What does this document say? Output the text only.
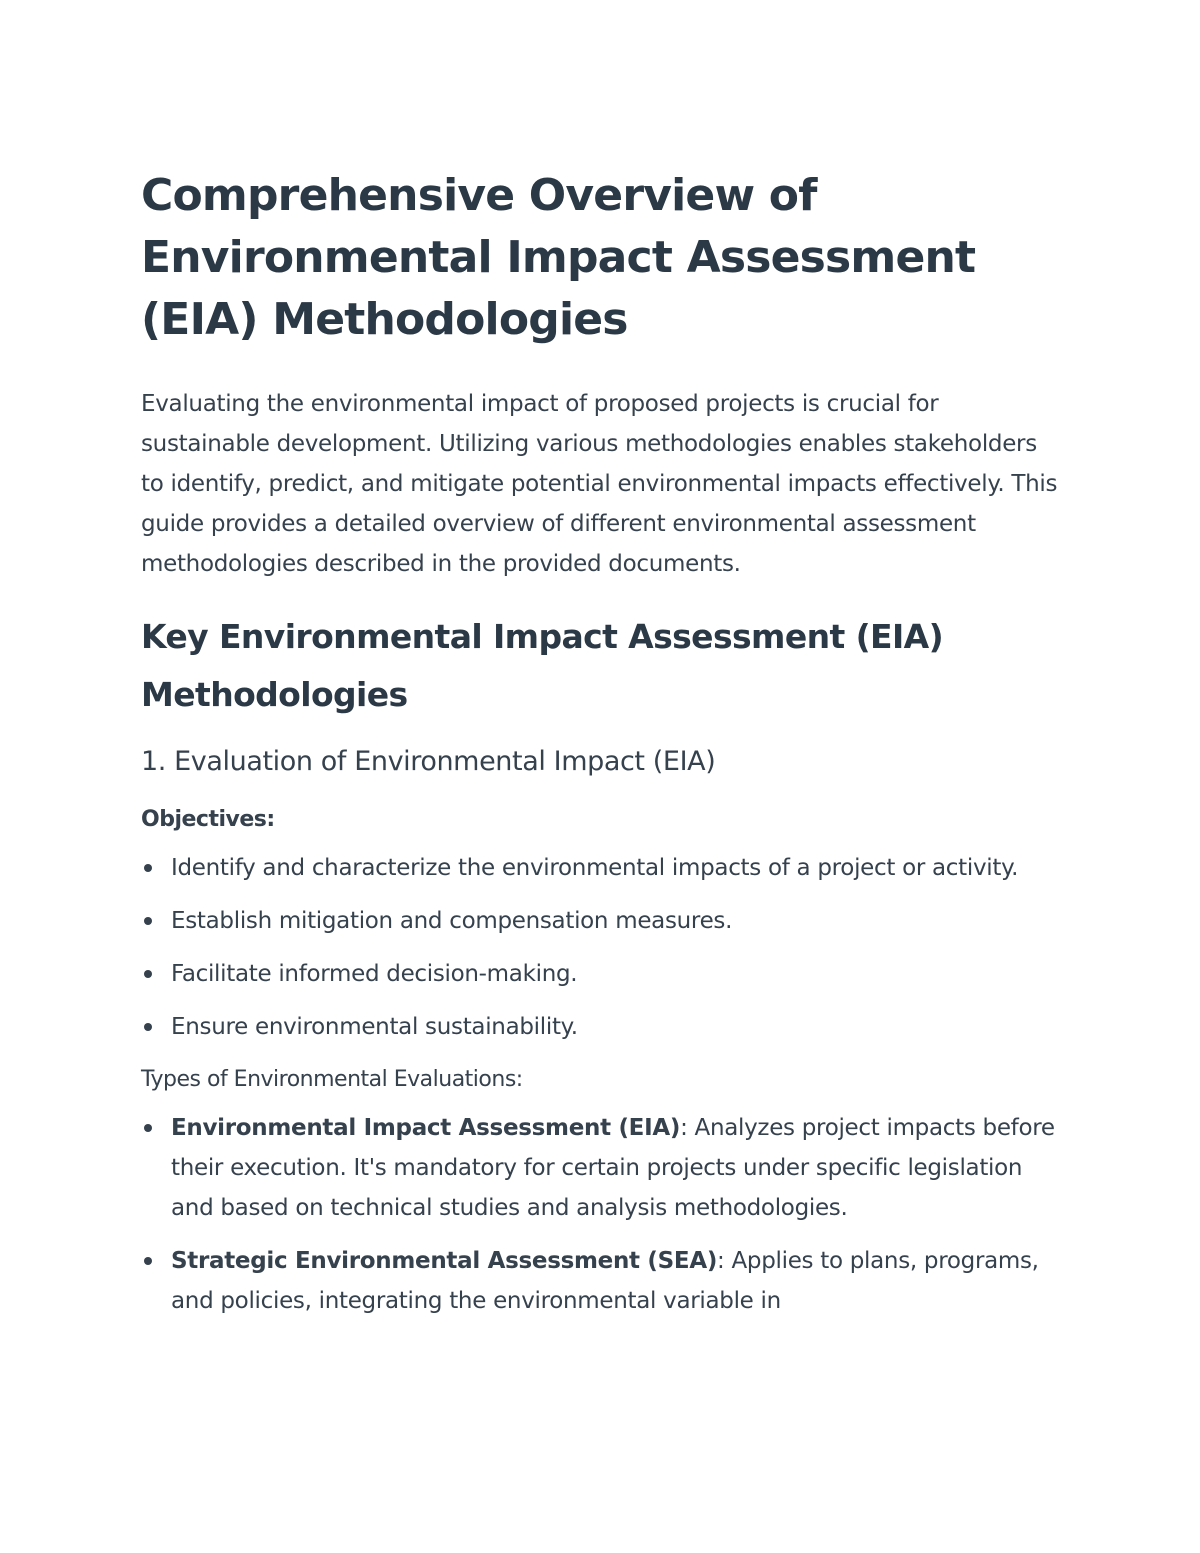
Comprehensive Overview of Environmental Impact Assessment (EIA) Methodologies

Evaluating the environmental impact of proposed projects is crucial for sustainable development. Utilizing various methodologies enables stakeholders to identify, predict, and mitigate potential environmental impacts effectively. This guide provides a detailed overview of different environmental assessment methodologies described in the provided documents.

Key Environmental Impact Assessment (EIA) Methodologies
1. Evaluation of Environmental Impact (EIA)

Objectives:

Identify and characterize the environmental impacts of a project or activity.
Establish mitigation and compensation measures.
Facilitate informed decision-making.
Ensure environmental sustainability.

Types of Environmental Evaluations:

Environmental Impact Assessment (EIA): Analyzes project impacts before their execution. It's mandatory for certain projects under specific legislation and based on technical studies and analysis methodologies.
Strategic Environmental Assessment (SEA): Applies to plans, programs, and policies, integrating the environmental variable in
